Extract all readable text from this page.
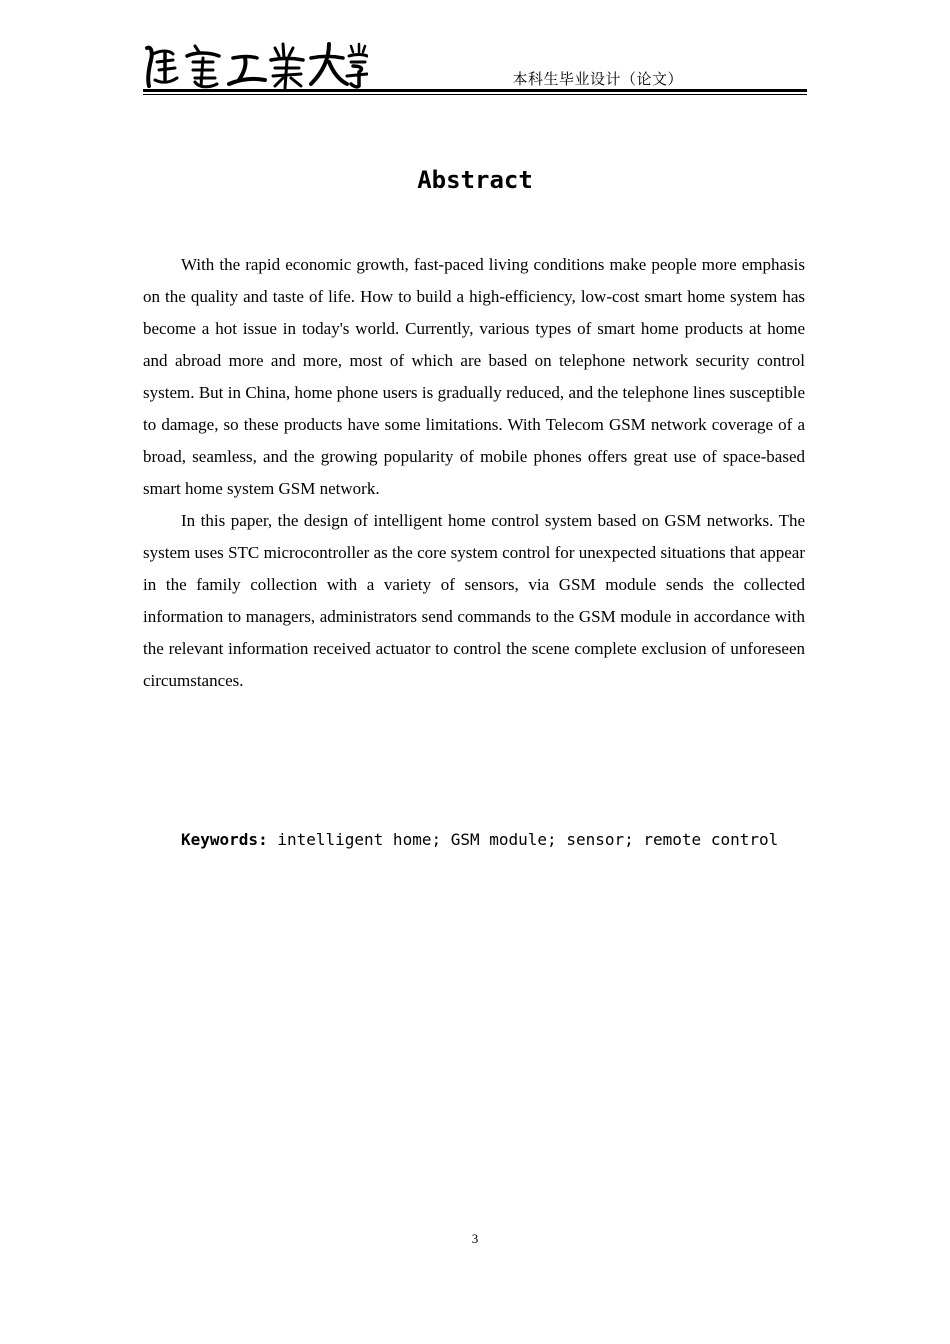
本科生毕业设计（论文）
Abstract

With the rapid economic growth, fast-paced living conditions make people more emphasis on the quality and taste of life. How to build a high-efficiency, low-cost smart home system has become a hot issue in today's world. Currently, various types of smart home products at home and abroad more and more, most of which are based on telephone network security control system. But in China, home phone users is gradually reduced, and the telephone lines susceptible to damage, so these products have some limitations. With Telecom GSM network coverage of a broad, seamless, and the growing popularity of mobile phones offers great use of space-based smart home system GSM network.

In this paper, the design of intelligent home control system based on GSM networks. The system uses STC microcontroller as the core system control for unexpected situations that appear in the family collection with a variety of sensors, via GSM module sends the collected information to managers, administrators send commands to the GSM module in accordance with the relevant information received actuator to control the scene complete exclusion of unforeseen circumstances.

Keywords: intelligent home; GSM module; sensor; remote control

3
